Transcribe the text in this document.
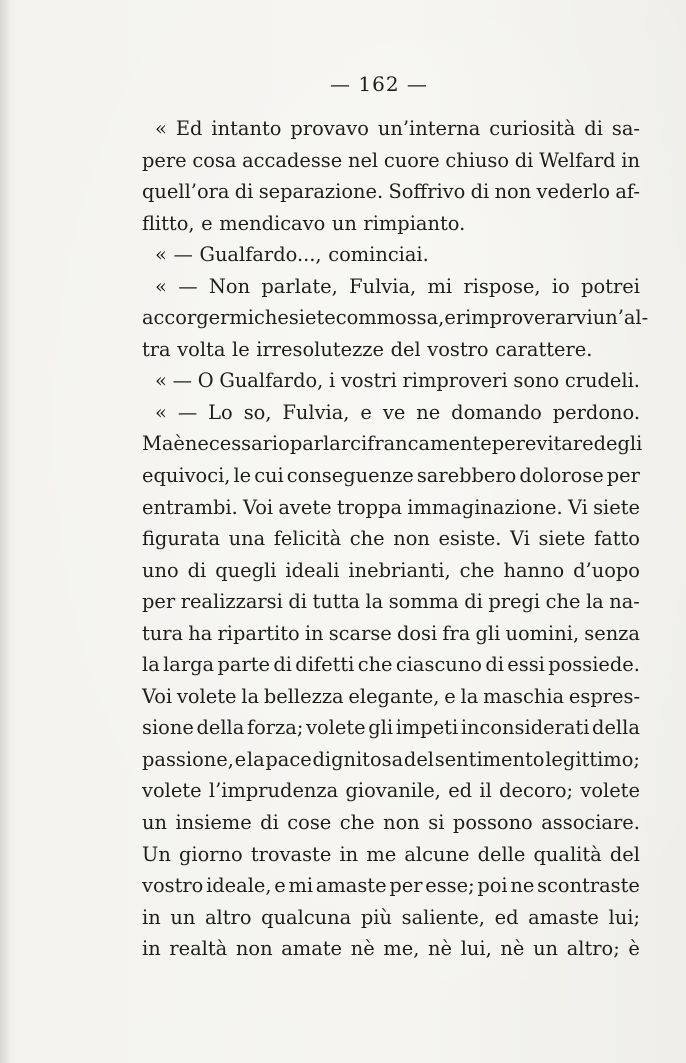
— 162 —
« Ed intanto provavo un’interna curiosità di sa-
pere cosa accadesse nel cuore chiuso di Welfard in
quell’ora di separazione. Soffrivo di non vederlo af-
flitto, e mendicavo un rimpianto.
« — Gualfardo..., cominciai.
« — Non parlate, Fulvia, mi rispose, io potrei
accorgermi che siete commossa, e rimproverarvi un’al-
tra volta le irresolutezze del vostro carattere.
« — O Gualfardo, i vostri rimproveri sono crudeli.
« — Lo so, Fulvia, e ve ne domando perdono.
Ma è necessario parlarci francamente per evitare degli
equivoci, le cui conseguenze sarebbero dolorose per
entrambi. Voi avete troppa immaginazione. Vi siete
figurata una felicità che non esiste. Vi siete fatto
uno di quegli ideali inebrianti, che hanno d’uopo
per realizzarsi di tutta la somma di pregi che la na-
tura ha ripartito in scarse dosi fra gli uomini, senza
la larga parte di difetti che ciascuno di essi possiede.
Voi volete la bellezza elegante, e la maschia espres-
sione della forza; volete gli impeti inconsiderati della
passione, e la pace dignitosa del sentimento legittimo;
volete l’imprudenza giovanile, ed il decoro; volete
un insieme di cose che non si possono associare.
Un giorno trovaste in me alcune delle qualità del
vostro ideale, e mi amaste per esse; poi ne scontraste
in un altro qualcuna più saliente, ed amaste lui;
in realtà non amate nè me, nè lui, nè un altro; è
